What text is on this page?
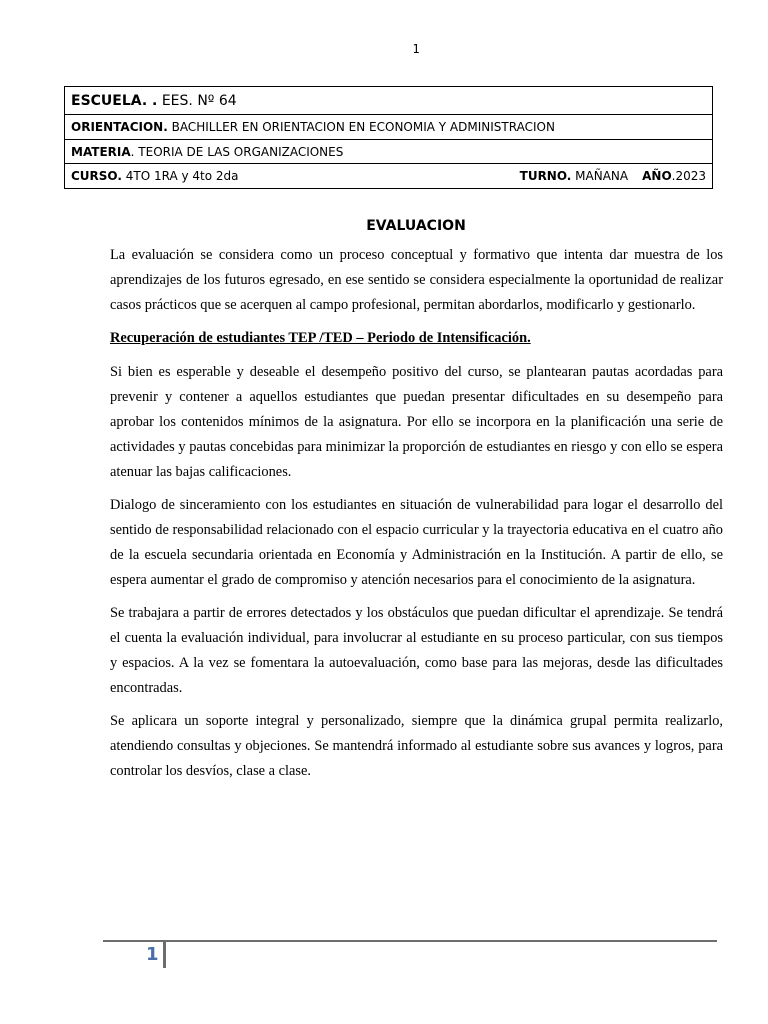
1
ESCUELA. . EES. Nº 64
ORIENTACION. BACHILLER EN ORIENTACION EN ECONOMIA Y ADMINISTRACION
MATERIA. TEORIA DE LAS ORGANIZACIONES

CURSO. 4TO 1RA y 4to 2da	TURNO. MAÑANA AÑO.2023
EVALUACION

La evaluación se considera como un proceso conceptual y formativo que intenta dar muestra de los aprendizajes de los futuros egresado, en ese sentido se considera especialmente la oportunidad de realizar casos prácticos que se acerquen al campo profesional, permitan abordarlos, modificarlo y gestionarlo.

Recuperación de estudiantes TEP /TED – Periodo de Intensificación.

Si bien es esperable y deseable el desempeño positivo del curso, se plantearan pautas acordadas para prevenir y contener a aquellos estudiantes que puedan presentar dificultades en su desempeño para aprobar los contenidos mínimos de la asignatura. Por ello se incorpora en la planificación una serie de actividades y pautas concebidas para minimizar la proporción de estudiantes en riesgo y con ello se espera atenuar las bajas calificaciones.

Dialogo de sinceramiento con los estudiantes en situación de vulnerabilidad para logar el desarrollo del sentido de responsabilidad relacionado con el espacio curricular y la trayectoria educativa en el cuatro año de la escuela secundaria orientada en Economía y Administración en la Institución. A partir de ello, se espera aumentar el grado de compromiso y atención necesarios para el conocimiento de la asignatura.

Se trabajara a partir de errores detectados y los obstáculos que puedan dificultar el aprendizaje. Se tendrá el cuenta la evaluación individual, para involucrar al estudiante en su proceso particular, con sus tiempos y espacios. A la vez se fomentara la autoevaluación, como base para las mejoras, desde las dificultades encontradas.

Se aplicara un soporte integral y personalizado, siempre que la dinámica grupal permita realizarlo, atendiendo consultas y objeciones. Se mantendrá informado al estudiante sobre sus avances y logros, para controlar los desvíos, clase a clase.

1
